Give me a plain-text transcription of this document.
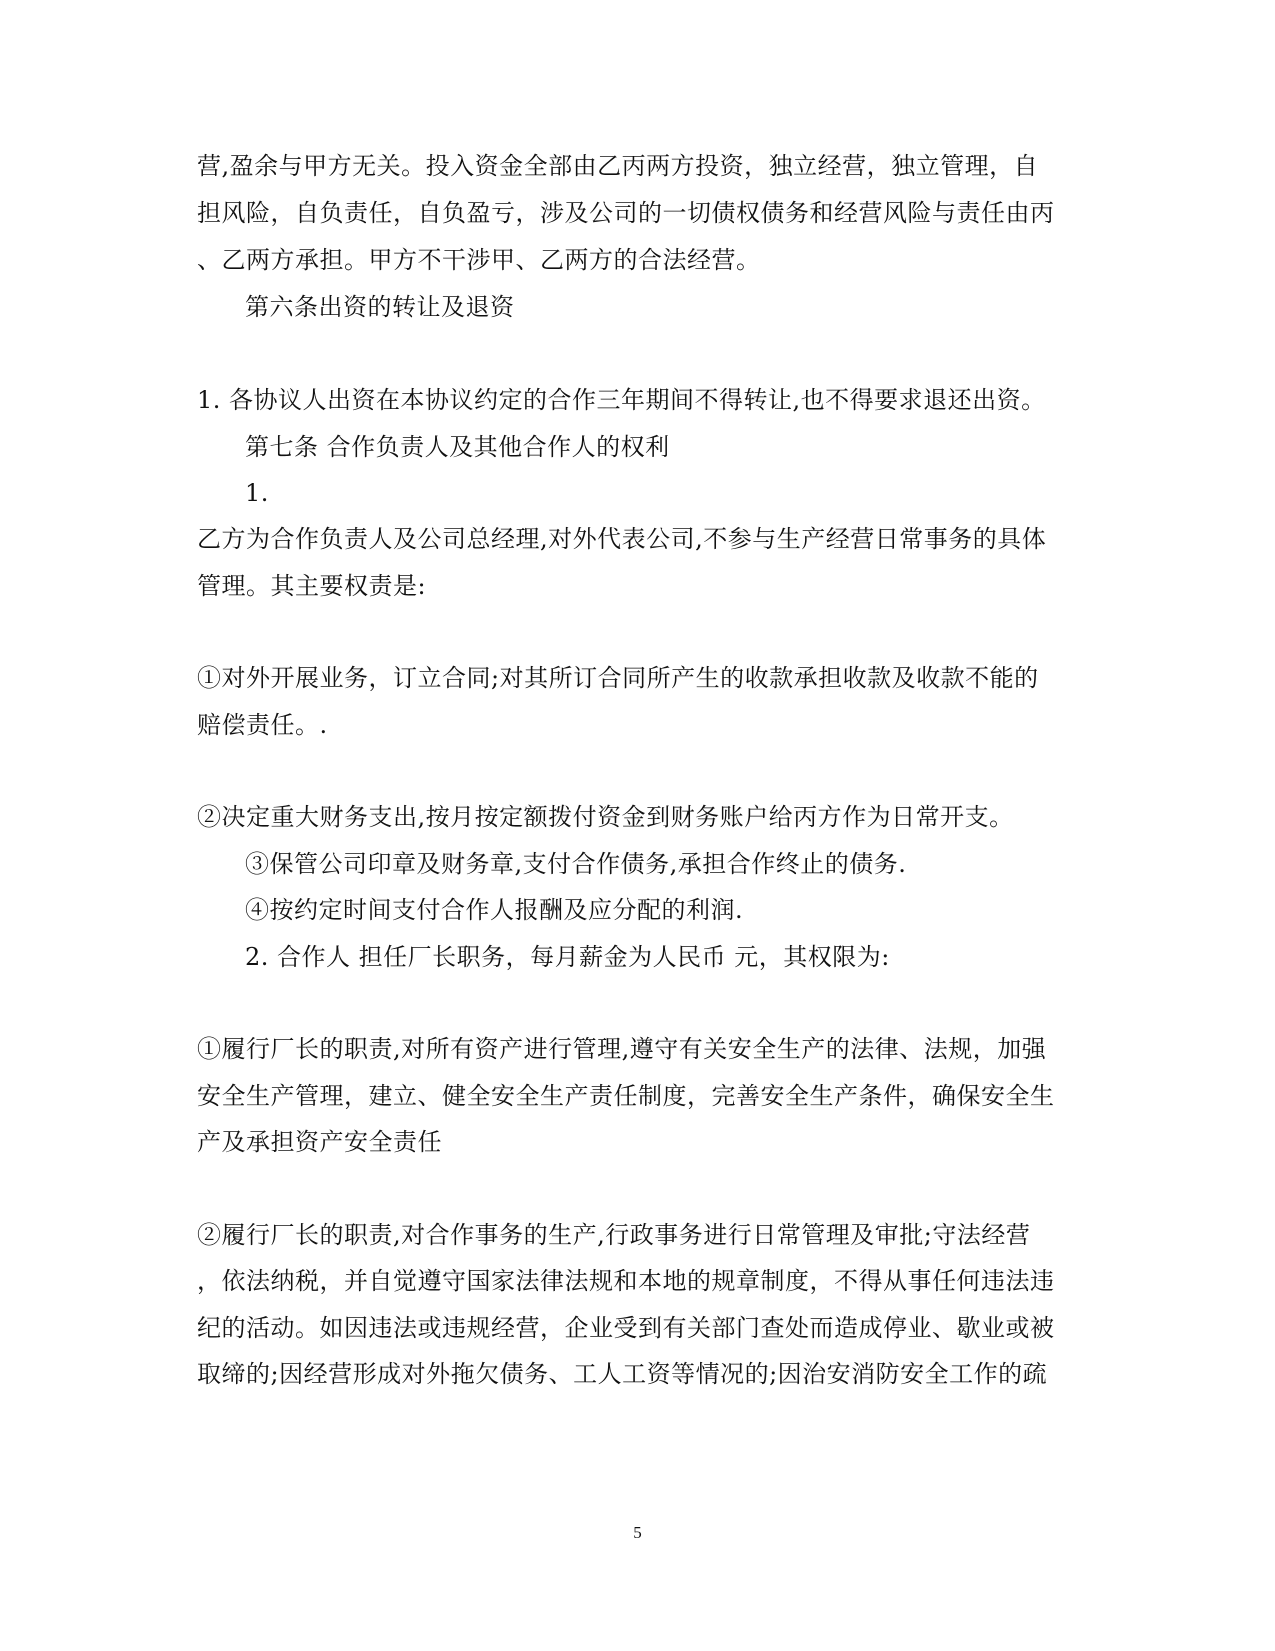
营,盈余与甲方无关。投入资金全部由乙丙两方投资，独立经营，独立管理，自
担风险，自负责任，自负盈亏，涉及公司的一切债权债务和经营风险与责任由丙
、乙两方承担。甲方不干涉甲、乙两方的合法经营。
第六条出资的转让及退资
1. 各协议人出资在本协议约定的合作三年期间不得转让,也不得要求退还出资。
第七条 合作负责人及其他合作人的权利
1.
乙方为合作负责人及公司总经理,对外代表公司,不参与生产经营日常事务的具体
管理。其主要权责是:
①对外开展业务，订立合同;对其所订合同所产生的收款承担收款及收款不能的
赔偿责任。.
②决定重大财务支出,按月按定额拨付资金到财务账户给丙方作为日常开支。
③保管公司印章及财务章,支付合作债务,承担合作终止的债务.
④按约定时间支付合作人报酬及应分配的利润.
2. 合作人 担任厂长职务，每月薪金为人民币 元，其权限为:
①履行厂长的职责,对所有资产进行管理,遵守有关安全生产的法律、法规，加强
安全生产管理，建立、健全安全生产责任制度，完善安全生产条件，确保安全生
产及承担资产安全责任
②履行厂长的职责,对合作事务的生产,行政事务进行日常管理及审批;守法经营
，依法纳税，并自觉遵守国家法律法规和本地的规章制度，不得从事任何违法违
纪的活动。如因违法或违规经营，企业受到有关部门查处而造成停业、歇业或被
取缔的;因经营形成对外拖欠债务、工人工资等情况的;因治安消防安全工作的疏
5
